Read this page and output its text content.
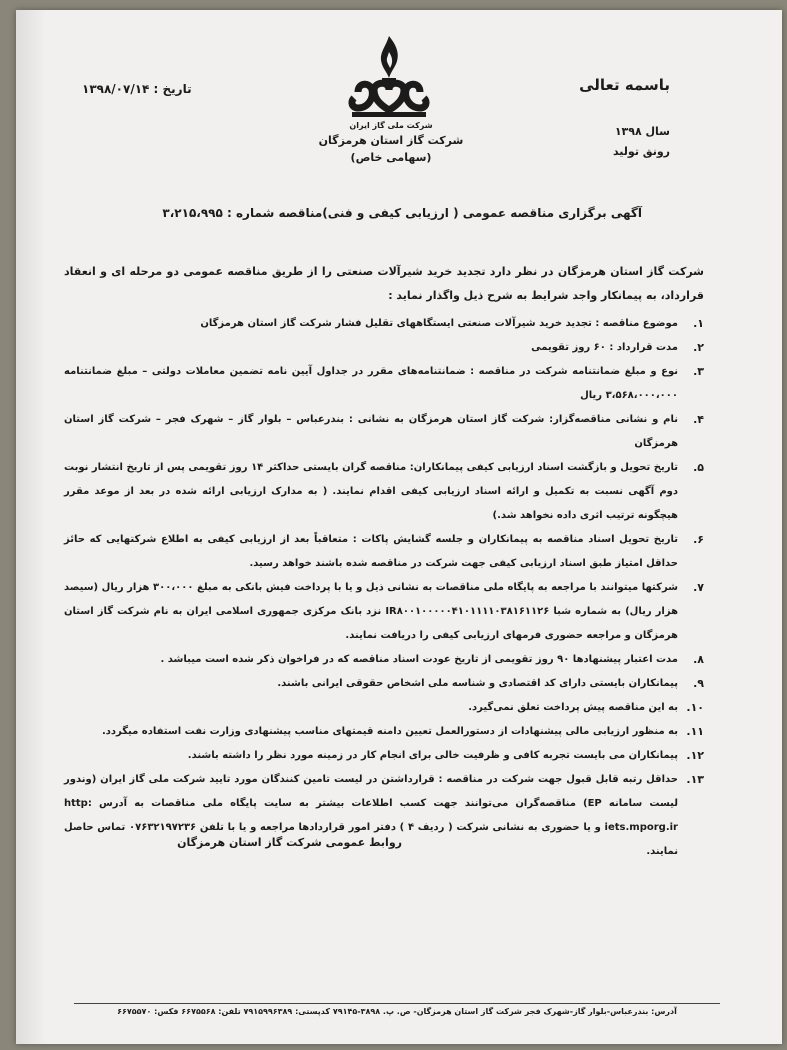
باسمه تعالی
سال ۱۳۹۸
رونق تولید
تاریخ : ۱۳۹۸/۰۷/۱۴
شرکت ملی گاز ایران
شرکت گاز استان هرمزگان
(سهامی خاص)
آگهی برگزاری مناقصه عمومی ( ارزیابی کیفی و فنی)مناقصه شماره : ۳،۲۱۵،۹۹۵
شرکت گاز استان هرمزگان در نظر دارد تجدید خرید شیرآلات صنعتی را از طریق مناقصه عمومی دو مرحله ای و انعقاد قرارداد، به پیمانکار واجد شرایط به شرح ذیل واگذار نماید :
۱.
موضوع مناقصه : تجدید خرید شیرآلات صنعتی ایستگاههای تقلیل فشار شرکت گاز استان هرمزگان
۲.
مدت قرارداد : ۶۰ روز تقویمی
۳.
نوع و مبلغ ضمانتنامه شرکت در مناقصه : ضمانتنامه‌های مقرر در جداول آیین نامه تضمین معاملات دولتی – مبلغ ضمانتنامه ۳،۵۶۸،۰۰۰،۰۰۰ ریال
۴.
نام و نشانی مناقصه‌گزار: شرکت گاز استان هرمزگان به نشانی : بندرعباس – بلوار گاز – شهرک فجر – شرکت گاز استان هرمزگان
۵.
تاریخ تحویل و بازگشت اسناد ارزیابی کیفی پیمانکاران: مناقصه گران بایستی حداکثر ۱۴ روز تقویمی پس از تاریخ انتشار نوبت دوم آگهی نسبت به تکمیل و ارائه اسناد ارزیابی کیفی اقدام نمایند. ( به مدارک ارزیابی ارائه شده در بعد از موعد مقرر هیچگونه ترتیب اثری داده نخواهد شد.)
۶.
تاریخ تحویل اسناد مناقصه به پیمانکاران و جلسه گشایش پاکات : متعاقباً بعد از ارزیابی کیفی به اطلاع شرکتهایی که حائز حداقل امتیاز طبق اسناد ارزیابی کیفی جهت شرکت در مناقصه شده باشند خواهد رسید.
۷.
شرکتها میتوانند با مراجعه به پایگاه ملی مناقصات به نشانی ذیل و یا با پرداخت فیش بانکی به مبلغ ۳۰۰،۰۰۰ هزار ریال (سیصد هزار ریال) به شماره شبا IR۸۰۰۱۰۰۰۰۰۴۱۰۱۱۱۱۰۳۸۱۶۱۱۲۶ نزد بانک مرکزی جمهوری اسلامی ایران به نام شرکت گاز استان هرمزگان و مراجعه حضوری فرمهای ارزیابی کیفی را دریافت نمایند.
۸.
مدت اعتبار پیشنهادها ۹۰ روز تقویمی از تاریخ عودت اسناد مناقصه که در فراخوان ذکر شده است میباشد .
۹.
پیمانکاران بایستی دارای کد اقتصادی و شناسه ملی اشخاص حقوقی ایرانی باشند.
۱۰.
به این مناقصه پیش پرداخت تعلق نمی‌گیرد.
۱۱.
به منظور ارزیابی مالی پیشنهادات از دستورالعمل تعیین دامنه قیمتهای مناسب پیشنهادی وزارت نفت استفاده میگردد.
۱۲.
پیمانکاران می بایست تجربه کافی و ظرفیت خالی برای انجام کار در زمینه مورد نظر را داشته باشند.
۱۳.
حداقل رتبه قابل قبول جهت شرکت در مناقصه : قرارداشتن در لیست تامین کنندگان مورد تایید شرکت ملی گاز ایران (وندور لیست سامانه EP) مناقصه‌گران می‌توانند جهت کسب اطلاعات بیشتر به سایت پایگاه ملی مناقصات به آدرس http: iets.mporg.ir و یا حضوری به نشانی شرکت ( ردیف ۴ ) دفتر امور قراردادها مراجعه و یا با تلفن ۰۷۶۳۲۱۹۷۲۳۶ تماس حاصل نمایند.
روابط عمومی شرکت گاز استان هرمزگان
آدرس: بندرعباس-بلوار گاز-شهرک فجر شرکت گاز استان هرمزگان- ص. پ. ۳۸۹۸-۷۹۱۴۵ کدپستی: ۷۹۱۵۹۹۶۳۸۹ تلفن: ۶۶۷۵۵۶۸ فکس: ۶۶۷۵۵۷۰
